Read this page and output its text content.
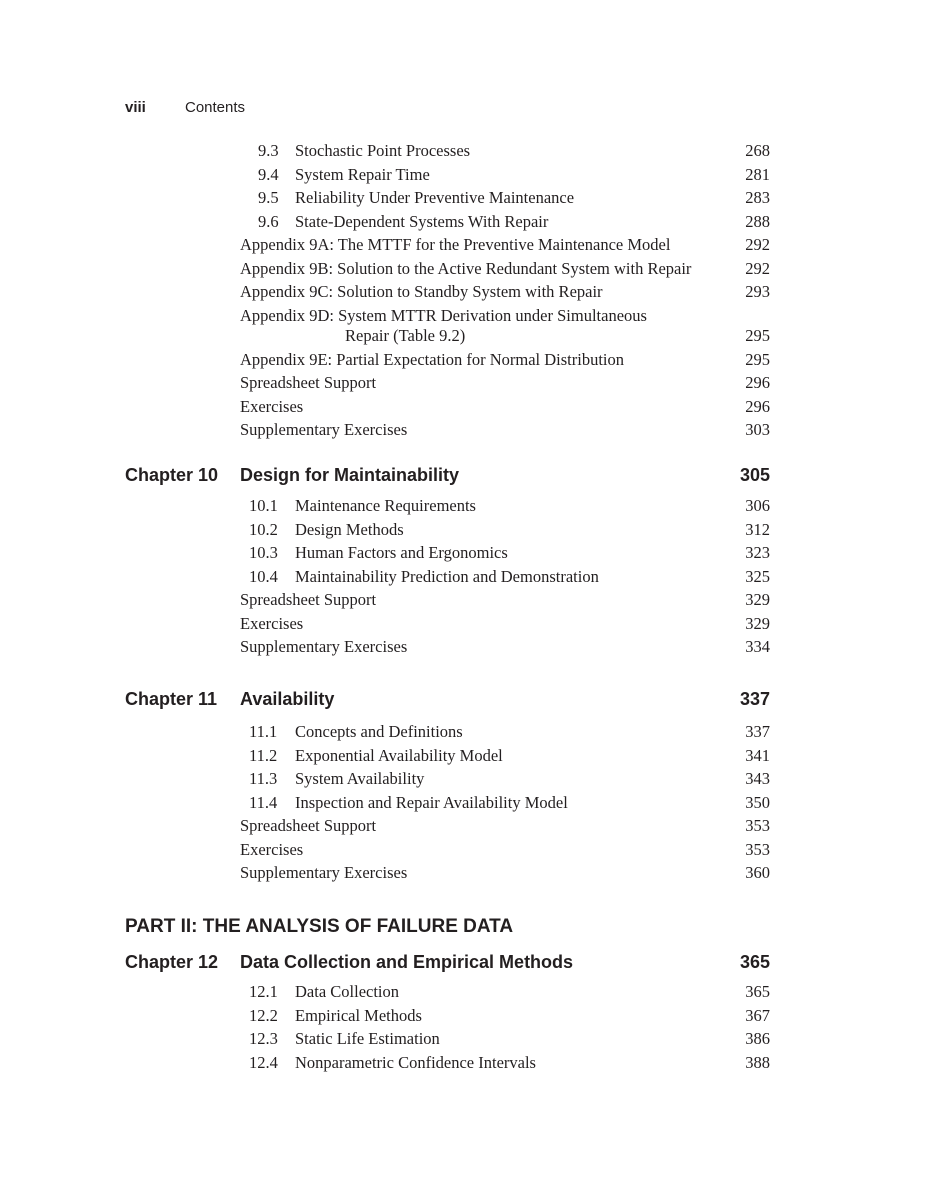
viii	Contents
9.3 Stochastic Point Processes	268
9.4 System Repair Time	281
9.5 Reliability Under Preventive Maintenance	283
9.6 State-Dependent Systems With Repair	288
Appendix 9A: The MTTF for the Preventive Maintenance Model	292
Appendix 9B: Solution to the Active Redundant System with Repair	292
Appendix 9C: Solution to Standby System with Repair	293
Appendix 9D: System MTTR Derivation under Simultaneous
Repair (Table 9.2)	295
Appendix 9E: Partial Expectation for Normal Distribution	295
Spreadsheet Support	296
Exercises	296
Supplementary Exercises	303
Chapter 10 Design for Maintainability	305
10.1 Maintenance Requirements	306
10.2 Design Methods	312
10.3 Human Factors and Ergonomics	323
10.4 Maintainability Prediction and Demonstration	325
Spreadsheet Support	329
Exercises	329
Supplementary Exercises	334
Chapter 11 Availability	337
11.1 Concepts and Definitions	337
11.2 Exponential Availability Model	341
11.3 System Availability	343
11.4 Inspection and Repair Availability Model	350
Spreadsheet Support	353
Exercises	353
Supplementary Exercises	360
PART II: THE ANALYSIS OF FAILURE DATA
Chapter 12 Data Collection and Empirical Methods	365
12.1 Data Collection	365
12.2 Empirical Methods	367
12.3 Static Life Estimation	386
12.4 Nonparametric Confidence Intervals	388
